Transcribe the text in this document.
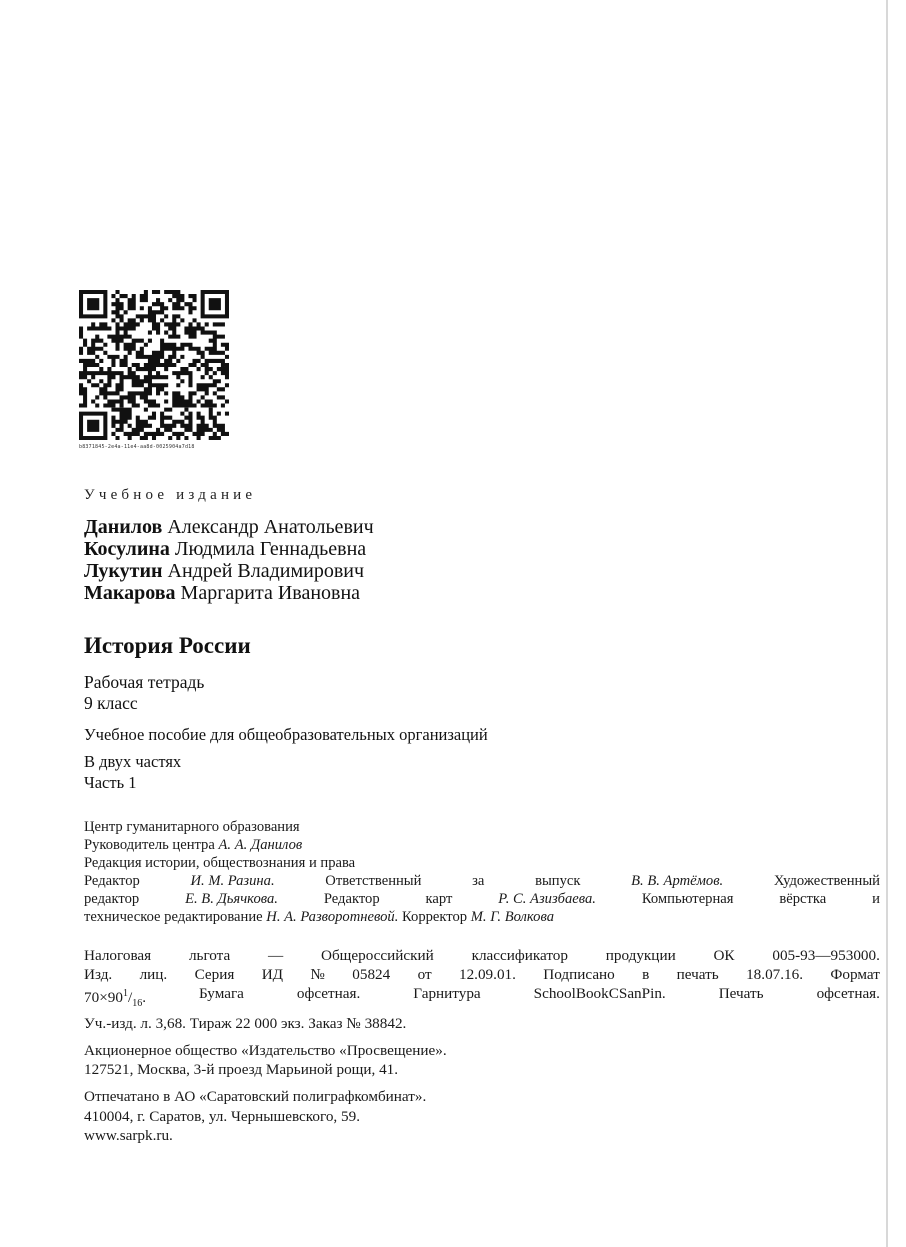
b8371845-2e4a-11e4-aa8d-0025904a7d18
Учебное издание
Данилов Александр Анатольевич
Косулина Людмила Геннадьевна
Лукутин Андрей Владимирович
Макарова Маргарита Ивановна
История России
Рабочая тетрадь
9 класс
Учебное пособие для общеобразовательных организаций
В двух частях
Часть 1
Центр гуманитарного образования
Руководитель центра А. А. Данилов
Редакция истории, обществознания и права
Редактор	И. М. Разина.	Ответственный	за	выпуск	В. В. Артёмов.	Художественный
редактор	Е. В. Дьячкова.	Редактор	карт	Р. С. Азизбаева.	Компьютерная	вёрстка	и
техническое редактирование Н. А. Разворотневой. Корректор М. Г. Волкова
Налоговая льгота — Общероссийский классификатор продукции ОК 005-93—953000.
Изд. лиц. Серия ИД № 05824 от 12.09.01. Подписано в печать 18.07.16. Формат
$70\times 90^1/_{16}$.	Бумага	офсетная.	Гарнитура	SchoolBookCSanPin.	Печать	офсетная.
Уч.-изд. л. 3,68. Тираж 22 000 экз. Заказ № 38842.
Акционерное общество «Издательство «Просвещение».
127521, Москва, 3-й проезд Марьиной рощи, 41.
Отпечатано в АО «Саратовский полиграфкомбинат».
410004, г. Саратов, ул. Чернышевского, 59.
www.sarpk.ru.
